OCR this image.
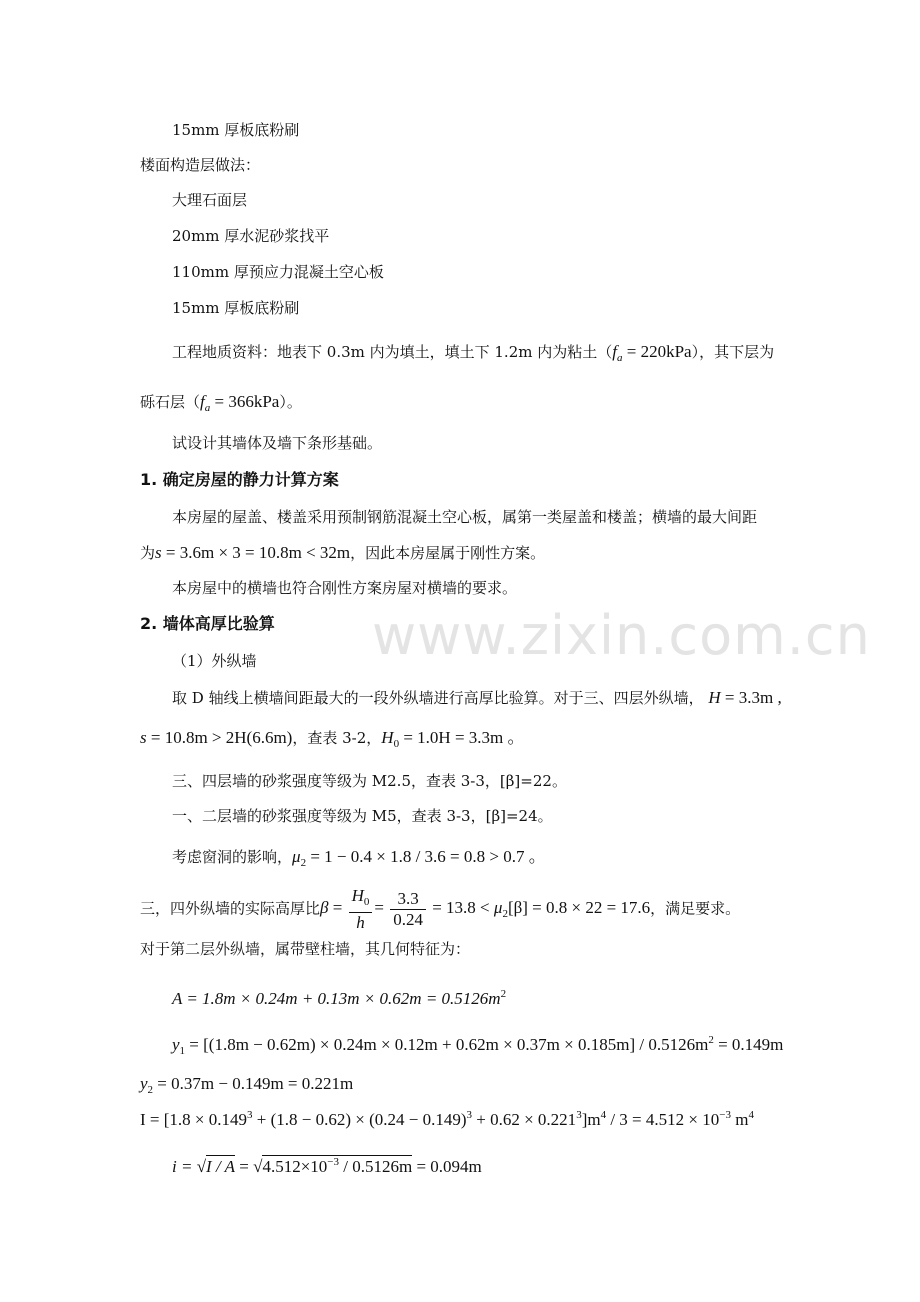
www.zixin.com.cn
15mm 厚板底粉刷
楼面构造层做法：
大理石面层
20mm 厚水泥砂浆找平
110mm 厚预应力混凝土空心板
15mm 厚板底粉刷
工程地质资料：地表下 0.3m 内为填土，填土下 1.2m 内为粘土$(f_a = 220kPa)$，其下层为
砾石层$(f_a = 366kPa)$。
试设计其墙体及墙下条形基础。
1. 确定房屋的静力计算方案
本房屋的屋盖、楼盖采用预制钢筋混凝土空心板，属第一类屋盖和楼盖；横墙的最大间距
为s = 3.6m × 3 = 10.8m < 32m，因此本房屋属于刚性方案。
本房屋中的横墙也符合刚性方案房屋对横墙的要求。
2. 墙体高厚比验算
（1）外纵墙
取 D 轴线上横墙间距最大的一段外纵墙进行高厚比验算。对于三、四层外纵墙， H = 3.3m ,
s = 10.8m > 2H(6.6m)，查表 3-2，$H_0 = 1.0H = 3.3m$ 。
三、四层墙的砂浆强度等级为 M2.5，查表 3-3，[β]=22。
一、二层墙的砂浆强度等级为 M5，查表 3-3，[β]=24。
考虑窗洞的影响，$\mu_2 = 1 - 0.4 \times 1.8 / 3.6 = 0.8 > 0.7$ 。
三，四外纵墙的实际高厚比$\beta = \frac{H_0}{h} = \frac{3.3}{0.24} = 13.8 < \mu_2[\beta] = 0.8 \times 22 = 17.6$，满足要求。
对于第二层外纵墙，属带壁柱墙，其几何特征为：
$A = 1.8m \times 0.24m + 0.13m \times 0.62m = 0.5126m^2$
$y_1 = [(1.8m - 0.62m) \times 0.24m \times 0.12m + 0.62m \times 0.37m \times 0.185m] / 0.5126m^2 = 0.149m$
$y_2 = 0.37m - 0.149m = 0.221m$
$I = [1.8 \times 0.149^3 + (1.8 - 0.62) \times (0.24 - 0.149)^3 + 0.62 \times 0.221^3]m^4 / 3 = 4.512 \times 10^{-3}$ $m^4$
$i = √I / A = √4.512\times 10^{-3} / 0.5126m = 0.094m$
